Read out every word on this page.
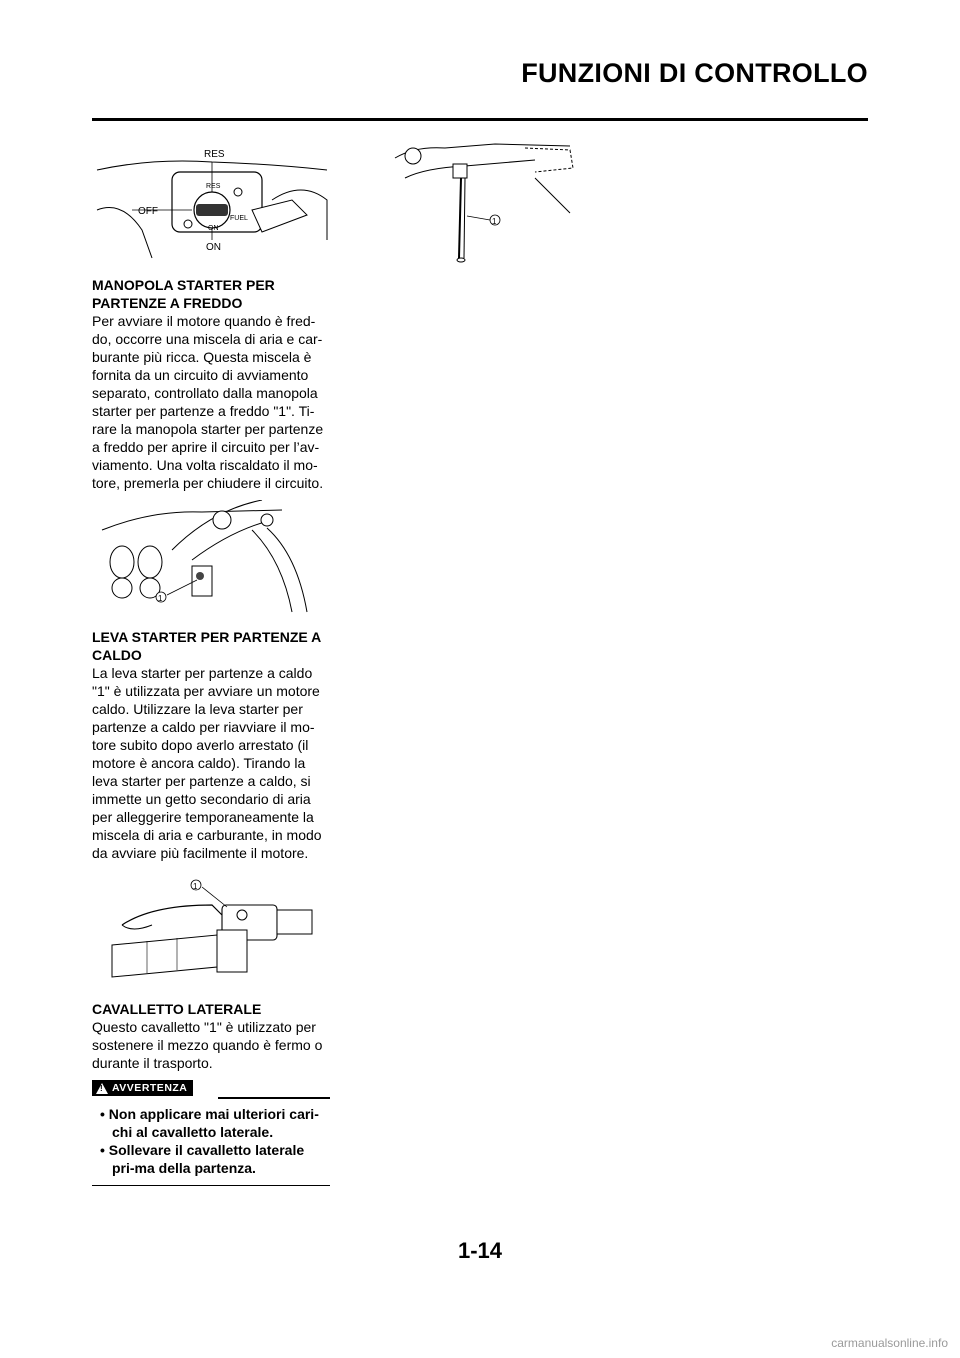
FUNZIONI DI CONTROLLO
RES
OFF
ON
RES
ON
FUEL

MANOPOLA STARTER PER PARTENZE A FREDDO

Per avviare il motore quando è fred-do, occorre una miscela di aria e car-burante più ricca. Questa miscela è fornita da un circuito di avviamento separato, controllato dalla manopola starter per partenze a freddo "1". Ti-rare la manopola starter per partenze a freddo per aprire il circuito per l’av-viamento. Una volta riscaldato il mo-tore, premerla per chiudere il circuito.

1

LEVA STARTER PER PARTENZE A CALDO

La leva starter per partenze a caldo "1" è utilizzata per avviare un motore caldo. Utilizzare la leva starter per partenze a caldo per riavviare il mo-tore subito dopo averlo arrestato (il motore è ancora caldo). Tirando la leva starter per partenze a caldo, si immette un getto secondario di aria per alleggerire temporaneamente la miscela di aria e carburante, in modo da avviare più facilmente il motore.

1

CAVALLETTO LATERALE

Questo cavalletto "1" è utilizzato per sostenere il mezzo quando è fermo o durante il trasporto.

!
AVVERTENZA
• Non applicare mai ulteriori cari-chi al cavalletto laterale.
• Sollevare il cavalletto laterale pri-ma della partenza.
1
1-14
carmanualsonline.info
